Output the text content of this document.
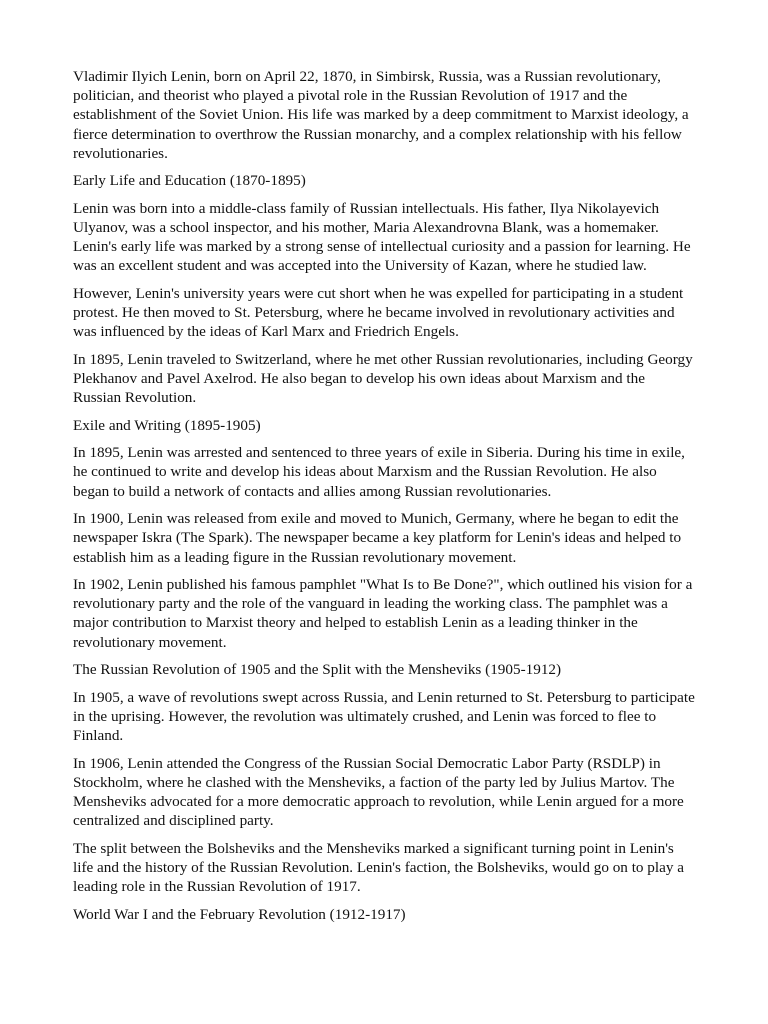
Vladimir Ilyich Lenin, born on April 22, 1870, in Simbirsk, Russia, was a Russian revolutionary, politician, and theorist who played a pivotal role in the Russian Revolution of 1917 and the establishment of the Soviet Union. His life was marked by a deep commitment to Marxist ideology, a fierce determination to overthrow the Russian monarchy, and a complex relationship with his fellow revolutionaries.
Early Life and Education (1870-1895)
Lenin was born into a middle-class family of Russian intellectuals. His father, Ilya Nikolayevich Ulyanov, was a school inspector, and his mother, Maria Alexandrovna Blank, was a homemaker. Lenin's early life was marked by a strong sense of intellectual curiosity and a passion for learning. He was an excellent student and was accepted into the University of Kazan, where he studied law.
However, Lenin's university years were cut short when he was expelled for participating in a student protest. He then moved to St. Petersburg, where he became involved in revolutionary activities and was influenced by the ideas of Karl Marx and Friedrich Engels.
In 1895, Lenin traveled to Switzerland, where he met other Russian revolutionaries, including Georgy Plekhanov and Pavel Axelrod. He also began to develop his own ideas about Marxism and the Russian Revolution.
Exile and Writing (1895-1905)
In 1895, Lenin was arrested and sentenced to three years of exile in Siberia. During his time in exile, he continued to write and develop his ideas about Marxism and the Russian Revolution. He also began to build a network of contacts and allies among Russian revolutionaries.
In 1900, Lenin was released from exile and moved to Munich, Germany, where he began to edit the newspaper Iskra (The Spark). The newspaper became a key platform for Lenin's ideas and helped to establish him as a leading figure in the Russian revolutionary movement.
In 1902, Lenin published his famous pamphlet "What Is to Be Done?", which outlined his vision for a revolutionary party and the role of the vanguard in leading the working class. The pamphlet was a major contribution to Marxist theory and helped to establish Lenin as a leading thinker in the revolutionary movement.
The Russian Revolution of 1905 and the Split with the Mensheviks (1905-1912)
In 1905, a wave of revolutions swept across Russia, and Lenin returned to St. Petersburg to participate in the uprising. However, the revolution was ultimately crushed, and Lenin was forced to flee to Finland.
In 1906, Lenin attended the Congress of the Russian Social Democratic Labor Party (RSDLP) in Stockholm, where he clashed with the Mensheviks, a faction of the party led by Julius Martov. The Mensheviks advocated for a more democratic approach to revolution, while Lenin argued for a more centralized and disciplined party.
The split between the Bolsheviks and the Mensheviks marked a significant turning point in Lenin's life and the history of the Russian Revolution. Lenin's faction, the Bolsheviks, would go on to play a leading role in the Russian Revolution of 1917.
World War I and the February Revolution (1912-1917)
